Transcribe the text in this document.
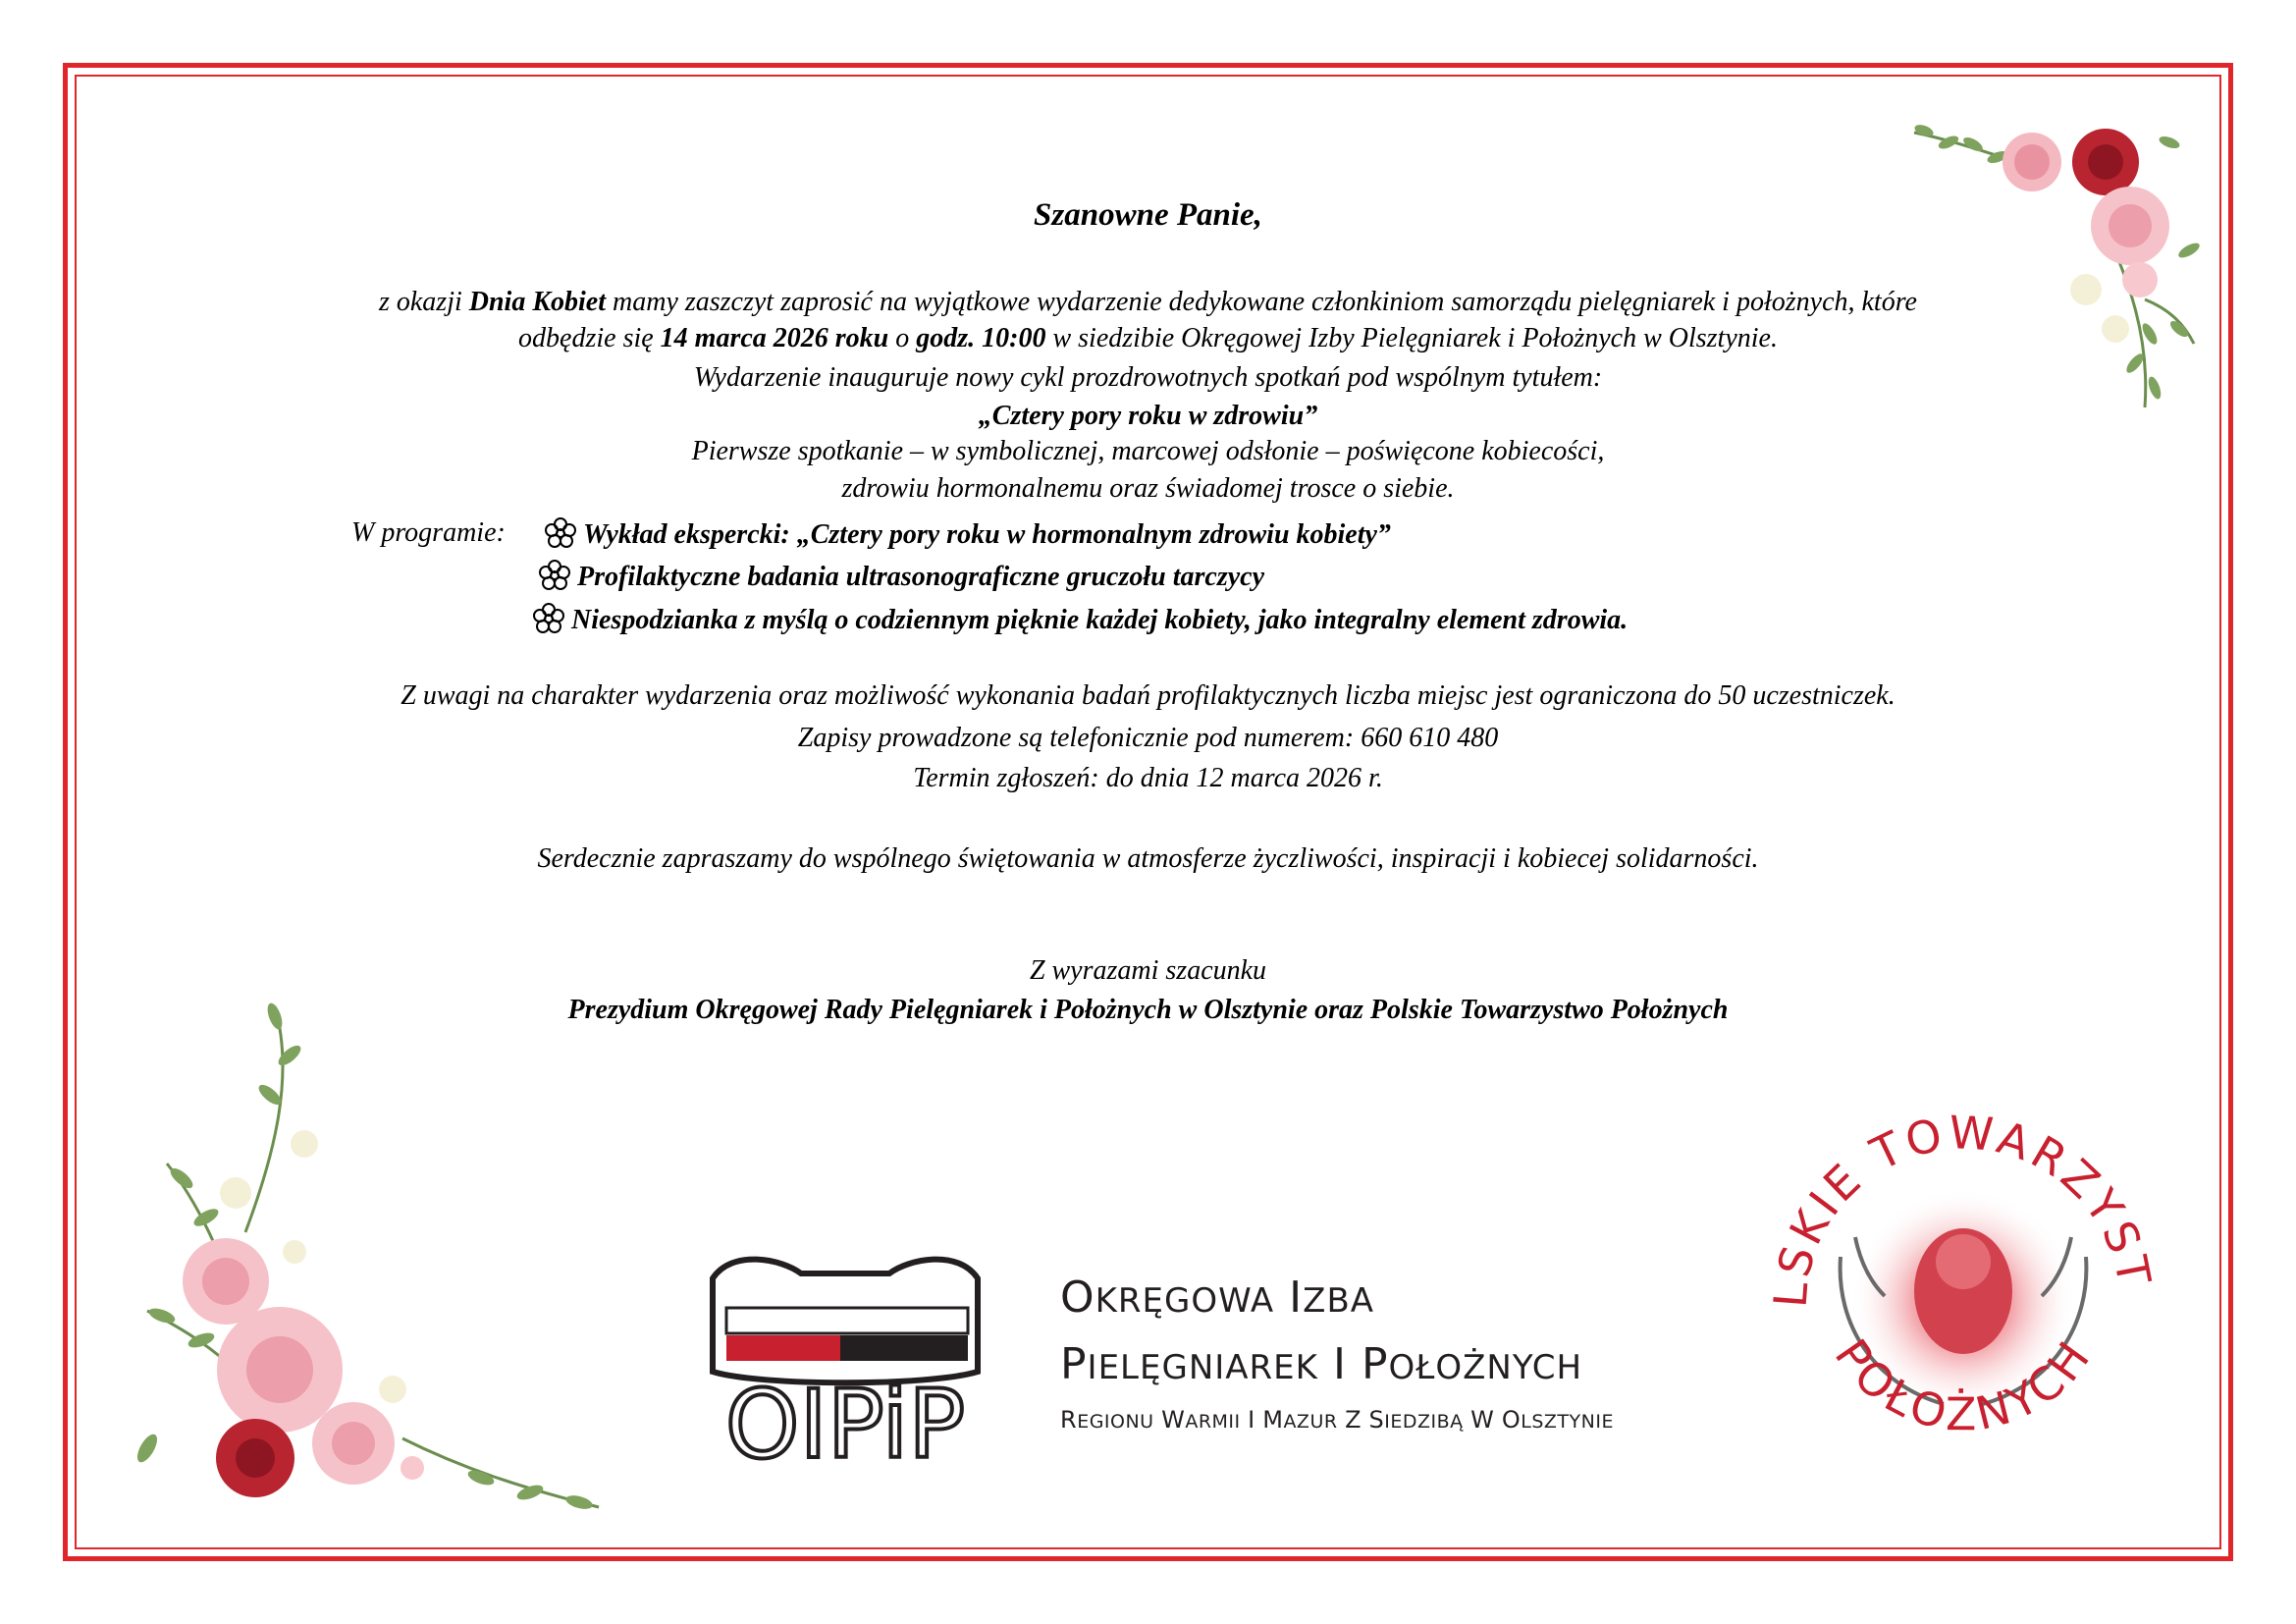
Szanowne Panie,
z okazji Dnia Kobiet mamy zaszczyt zaprosić na wyjątkowe wydarzenie dedykowane członkiniom samorządu pielęgniarek i położnych, które
odbędzie się 14 marca 2026 roku o godz. 10:00 w siedzibie Okręgowej Izby Pielęgniarek i Położnych w Olsztynie.
Wydarzenie inauguruje nowy cykl prozdrowotnych spotkań pod wspólnym tytułem:
„Cztery pory roku w zdrowiu”
Pierwsze spotkanie – w symbolicznej, marcowej odsłonie – poświęcone kobiecości,
zdrowiu hormonalnemu oraz świadomej trosce o siebie.
W programie:	Wykład ekspercki: „Cztery pory roku w hormonalnym zdrowiu kobiety”
Profilaktyczne badania ultrasonograficzne gruczołu tarczycy
Niespodzianka z myślą o codziennym pięknie każdej kobiety, jako integralny element zdrowia.
Z uwagi na charakter wydarzenia oraz możliwość wykonania badań profilaktycznych liczba miejsc jest ograniczona do 50 uczestniczek.
Zapisy prowadzone są telefonicznie pod numerem: 660 610 480
Termin zgłoszeń: do dnia 12 marca 2026 r.
Serdecznie zapraszamy do wspólnego świętowania w atmosferze życzliwości, inspiracji i kobiecej solidarności.
Z wyrazami szacunku
Prezydium Okręgowej Rady Pielęgniarek i Położnych w Olsztynie oraz Polskie Towarzystwo Położnych
OIPiP
OKRĘGOWA IZBA
PIELĘGNIAREK I POŁOŻNYCH
REGIONU WARMII I MAZUR Z SIEDZIBĄ W OLSZTYNIE
LSKIE TOWARZYST
POŁOŻNYCH
